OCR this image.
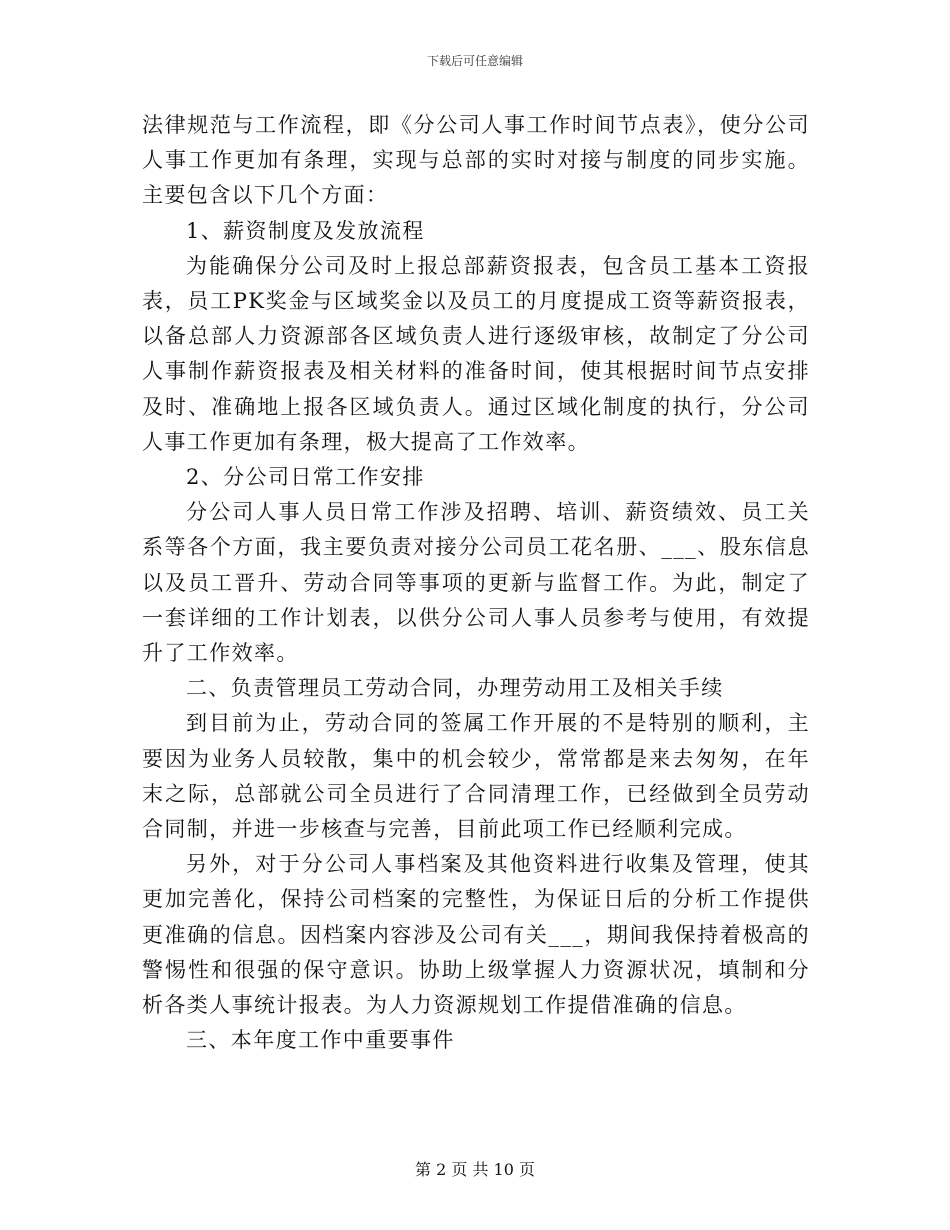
下载后可任意编辑

法律规范与工作流程，即《分公司人事工作时间节点表》，使分公司人事工作更加有条理，实现与总部的实时对接与制度的同步实施。主要包含以下几个方面：

1、薪资制度及发放流程

为能确保分公司及时上报总部薪资报表，包含员工基本工资报表，员工PK奖金与区域奖金以及员工的月度提成工资等薪资报表，以备总部人力资源部各区域负责人进行逐级审核，故制定了分公司人事制作薪资报表及相关材料的准备时间，使其根据时间节点安排及时、准确地上报各区域负责人。通过区域化制度的执行，分公司人事工作更加有条理，极大提高了工作效率。

2、分公司日常工作安排

分公司人事人员日常工作涉及招聘、培训、薪资绩效、员工关系等各个方面，我主要负责对接分公司员工花名册、___、股东信息以及员工晋升、劳动合同等事项的更新与监督工作。为此，制定了一套详细的工作计划表，以供分公司人事人员参考与使用，有效提升了工作效率。

二、负责管理员工劳动合同，办理劳动用工及相关手续

到目前为止，劳动合同的签属工作开展的不是特别的顺利，主要因为业务人员较散，集中的机会较少，常常都是来去匆匆，在年末之际，总部就公司全员进行了合同清理工作，已经做到全员劳动合同制，并进一步核查与完善，目前此项工作已经顺利完成。

另外，对于分公司人事档案及其他资料进行收集及管理，使其更加完善化，保持公司档案的完整性，为保证日后的分析工作提供更准确的信息。因档案内容涉及公司有关___，期间我保持着极高的警惕性和很强的保守意识。协助上级掌握人力资源状况，填制和分析各类人事统计报表。为人力资源规划工作提借准确的信息。

三、本年度工作中重要事件

第 2 页 共 10 页
